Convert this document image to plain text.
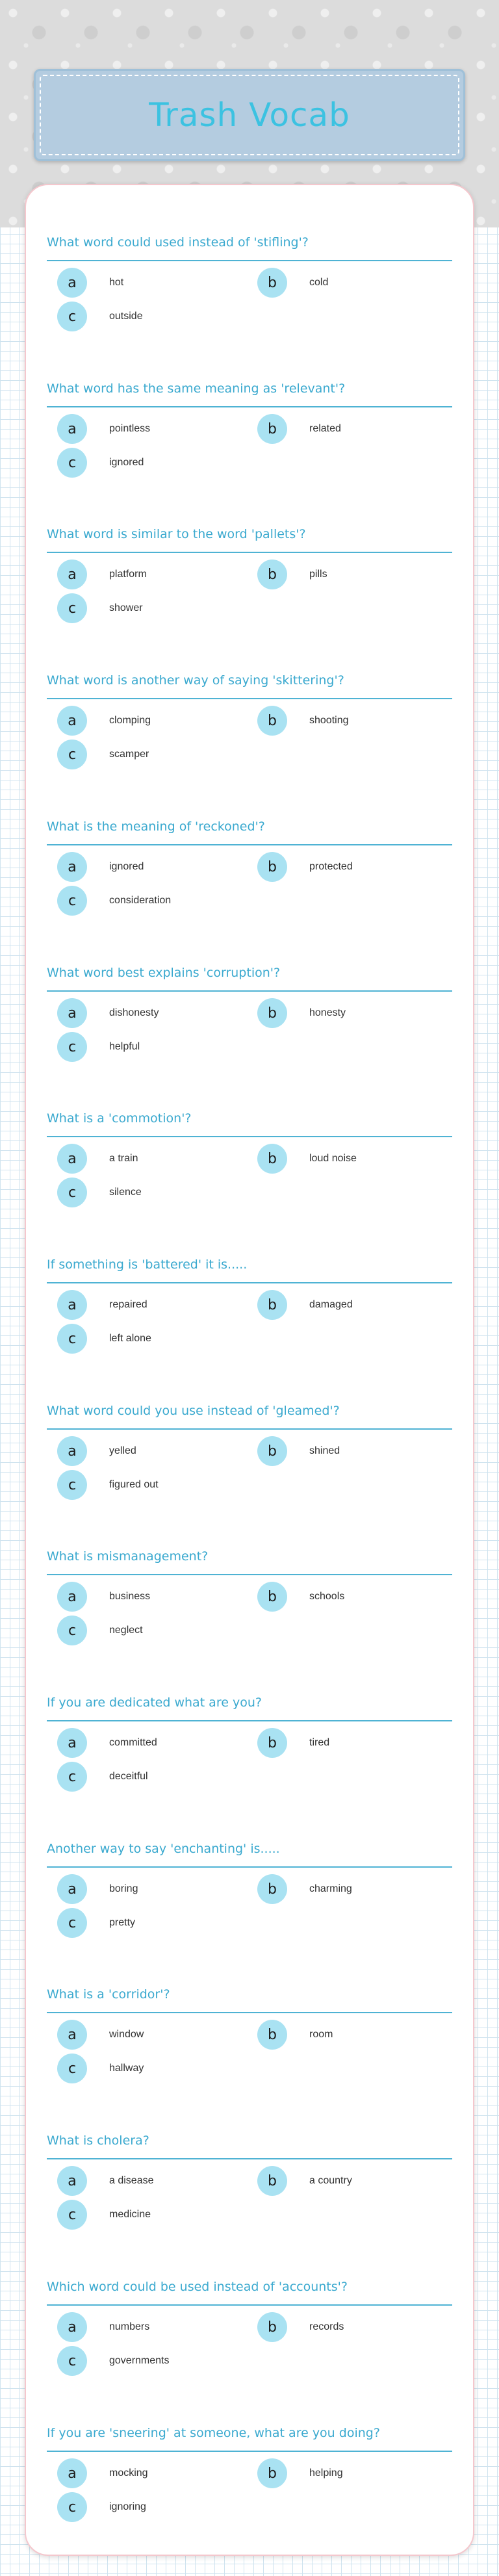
Trash Vocab
What word could used instead of 'stifling'?
a	hot	b	cold
c	outside
What word has the same meaning as 'relevant'?
a	pointless	b	related
c	ignored
What word is similar to the word 'pallets'?
a	platform	b	pills
c	shower
What word is another way of saying 'skittering'?
a	clomping	b	shooting
c	scamper
What is the meaning of 'reckoned'?
a	ignored	b	protected
c	consideration
What word best explains 'corruption'?
a	dishonesty	b	honesty
c	helpful
What is a 'commotion'?
a	a train	b	loud noise
c	silence
If something is 'battered' it is.....
a	repaired	b	damaged
c	left alone
What word could you use instead of 'gleamed'?
a	yelled	b	shined
c	figured out
What is mismanagement?
a	business	b	schools
c	neglect
If you are dedicated what are you?
a	committed	b	tired
c	deceitful
Another way to say 'enchanting' is.....
a	boring	b	charming
c	pretty
What is a 'corridor'?
a	window	b	room
c	hallway
What is cholera?
a	a disease	b	a country
c	medicine
Which word could be used instead of 'accounts'?
a	numbers	b	records
c	governments
If you are 'sneering' at someone, what are you doing?
a	mocking	b	helping
c	ignoring
